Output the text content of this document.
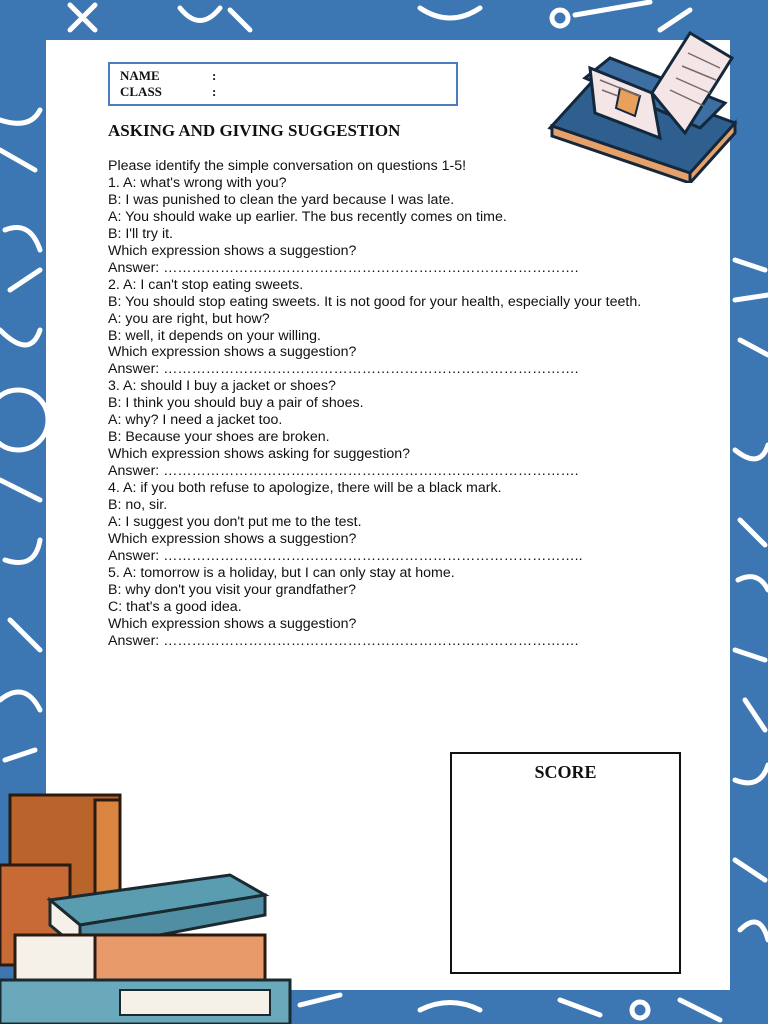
NAME	:
CLASS	:
ASKING AND GIVING SUGGESTION

Please identify the simple conversation on questions 1-5!

1. A: what's wrong with you?

B: I was punished to clean the yard because I was late.

A: You should wake up earlier. The bus recently comes on time.

B: I'll try it.

Which expression shows a suggestion?

Answer: …………………………………………………………………………….

2. A: I can't stop eating sweets.

B: You should stop eating sweets. It is not good for your health, especially your teeth.

A: you are right, but how?

B: well, it depends on your willing.

Which expression shows a suggestion?

Answer: …………………………………………………………………………….

3. A: should I buy a jacket or shoes?

B: I think you should buy a pair of shoes.

A: why? I need a jacket too.

B: Because your shoes are broken.

Which expression shows asking for suggestion?

Answer: …………………………………………………………………………….

4. A: if you both refuse to apologize, there will be a black mark.

B: no, sir.

A: I suggest you don't put me to the test.

Which expression shows a suggestion?

Answer: ……………………………………………………………………………..

5. A: tomorrow is a holiday, but I can only stay at home.

B: why don't you visit your grandfather?

C: that's a good idea.

Which expression shows a suggestion?

Answer: …………………………………………………………………………….

SCORE
